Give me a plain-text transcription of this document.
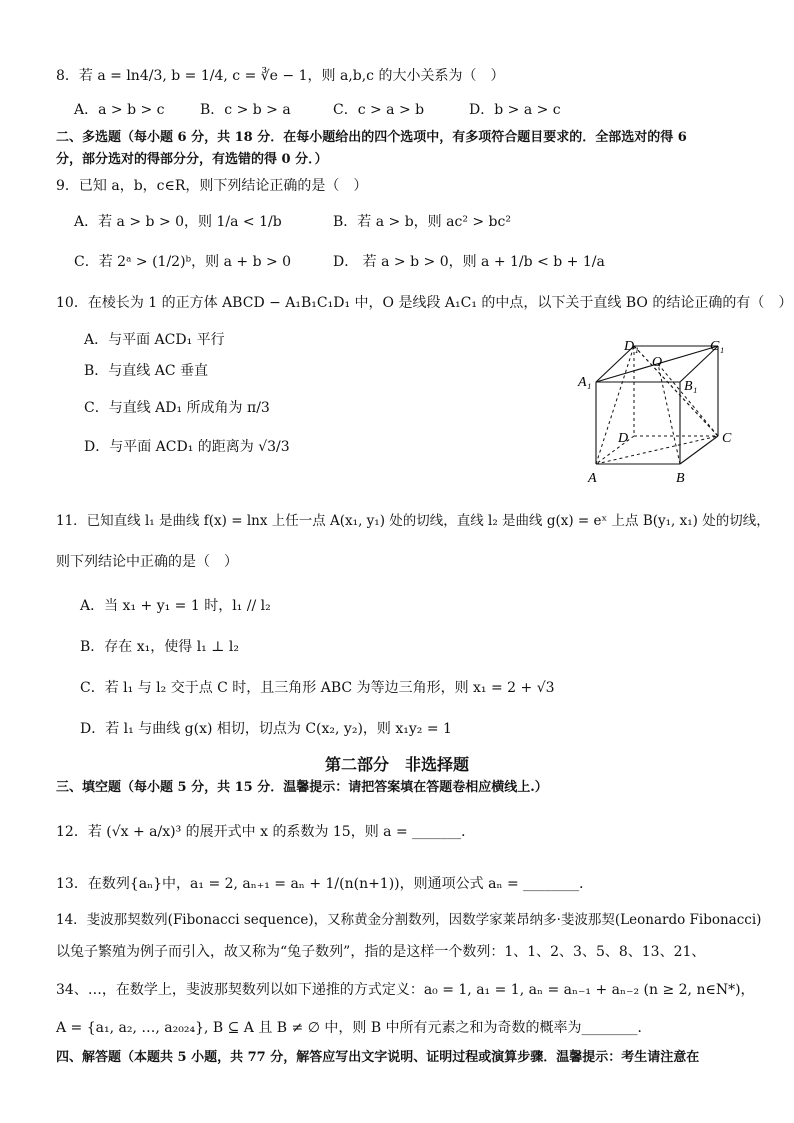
8．若 a = ln4/3, b = 1/4, c = ∛e − 1，则 a,b,c 的大小关系为（　）
A．a > b > c	B．c > b > a	C．c > a > b	D．b > a > c
二、多选题（每小题 6 分，共 18 分．在每小题给出的四个选项中，有多项符合题目要求的．全部选对的得 6
分，部分选对的得部分分，有选错的得 0 分．）
9．已知 a，b，c∈R，则下列结论正确的是（　）
A．若 a > b > 0，则 1/a < 1/b	B．若 a > b，则 ac² > bc²
C．若 2ᵃ > (1/2)ᵇ，则 a + b > 0	D． 若 a > b > 0，则 a + 1/b < b + 1/a
10．在棱长为 1 的正方体 ABCD − A₁B₁C₁D₁ 中，O 是线段 A₁C₁ 的中点，以下关于直线 BO 的结论正确的有（　）
A．与平面 ACD₁ 平行
B．与直线 AC 垂直
C．与直线 AD₁ 所成角为 π/3
D．与平面 ACD₁ 的距离为 √3/3
D₁
O
C₁
A₁	B₁
D	C
A	B
11．已知直线 l₁ 是曲线 f(x) = lnx 上任一点 A(x₁, y₁) 处的切线，直线 l₂ 是曲线 g(x) = eˣ 上点 B(y₁, x₁) 处的切线，
则下列结论中正确的是（　）
A．当 x₁ + y₁ = 1 时，l₁ // l₂
B．存在 x₁，使得 l₁ ⊥ l₂
C．若 l₁ 与 l₂ 交于点 C 时，且三角形 ABC 为等边三角形，则 x₁ = 2 + √3
D．若 l₁ 与曲线 g(x) 相切，切点为 C(x₂, y₂)，则 x₁y₂ = 1
第二部分　非选择题
三、填空题（每小题 5 分，共 15 分．温馨提示：请把答案填在答题卷相应横线上.）
12．若 (√x + a/x)³ 的展开式中 x 的系数为 15，则 a = _______．
13．在数列{aₙ}中，a₁ = 2, aₙ₊₁ = aₙ + 1/(n(n+1))，则通项公式 aₙ = ________．
14．斐波那契数列(Fibonacci sequence)，又称黄金分割数列，因数学家莱昂纳多·斐波那契(Leonardo Fibonacci)
以兔子繁殖为例子而引入，故又称为“兔子数列”，指的是这样一个数列：1、1、2、3、5、8、13、21、
34、…，在数学上，斐波那契数列以如下递推的方式定义：a₀ = 1, a₁ = 1, aₙ = aₙ₋₁ + aₙ₋₂ (n ≥ 2, n∈N*)，
A = {a₁, a₂, …, a₂₀₂₄}, B ⊆ A 且 B ≠ ∅ 中，则 B 中所有元素之和为奇数的概率为________．
四、解答题（本题共 5 小题，共 77 分，解答应写出文字说明、证明过程或演算步骤．温馨提示：考生请注意在
